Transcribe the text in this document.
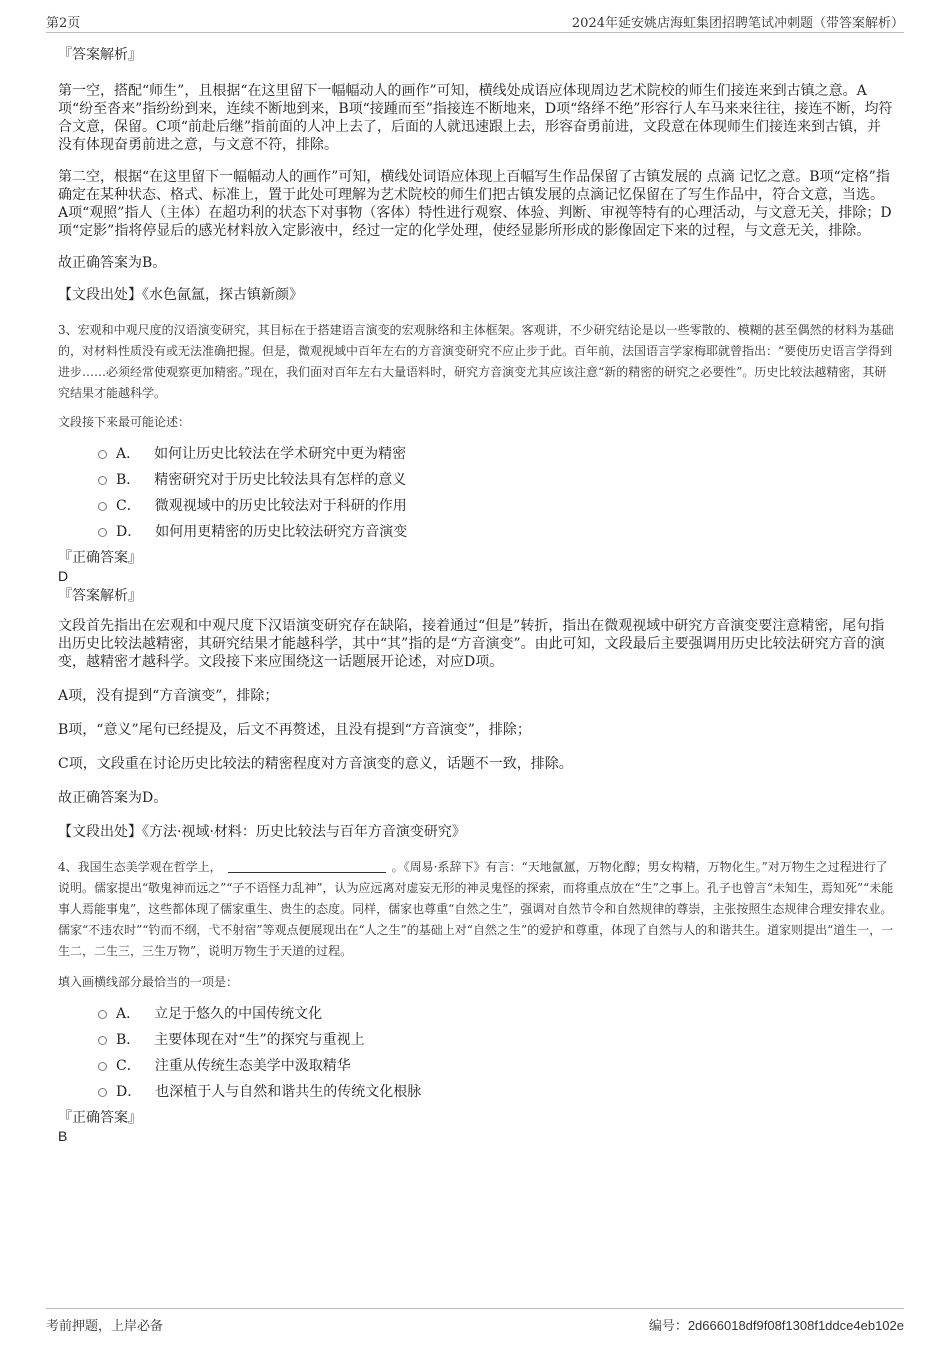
第2页	2024年延安姚店海虹集团招聘笔试冲刺题（带答案解析）

『答案解析』

第一空，搭配“师生”，且根据“在这里留下一幅幅动人的画作”可知，横线处成语应体现周边艺术院校的师生们接连来到古镇之意。A项“纷至沓来”指纷纷到来，连续不断地到来，B项“接踵而至”指接连不断地来，D项“络绎不绝”形容行人车马来来往往，接连不断，均符合文意，保留。C项“前赴后继”指前面的人冲上去了，后面的人就迅速跟上去，形容奋勇前进，文段意在体现师生们接连来到古镇，并没有体现奋勇前进之意，与文意不符，排除。

第二空，根据“在这里留下一幅幅动人的画作”可知，横线处词语应体现上百幅写生作品保留了古镇发展的 点滴 记忆之意。B项“定格”指确定在某种状态、格式、标准上，置于此处可理解为艺术院校的师生们把古镇发展的点滴记忆保留在了写生作品中，符合文意，当选。A项“观照”指人（主体）在超功利的状态下对事物（客体）特性进行观察、体验、判断、审视等特有的心理活动，与文意无关，排除；D项“定影”指将停显后的感光材料放入定影液中，经过一定的化学处理，使经显影所形成的影像固定下来的过程，与文意无关，排除。

故正确答案为B。

【文段出处】《水色氤氲，探古镇新颜》

3、宏观和中观尺度的汉语演变研究，其目标在于搭建语言演变的宏观脉络和主体框架。客观讲，不少研究结论是以一些零散的、模糊的甚至偶然的材料为基础的，对材料性质没有或无法准确把握。但是，微观视域中百年左右的方音演变研究不应止步于此。百年前，法国语言学家梅耶就曾指出：“要使历史语言学得到进步……必须经常使观察更加精密。”现在，我们面对百年左右大量语料时，研究方音演变尤其应该注意“新的精密的研究之必要性”。历史比较法越精密，其研究结果才能越科学。

文段接下来最可能论述：

A． 如何让历史比较法在学术研究中更为精密
B． 精密研究对于历史比较法具有怎样的意义
C． 微观视域中的历史比较法对于科研的作用
D． 如何用更精密的历史比较法研究方音演变

『正确答案』

D

『答案解析』

文段首先指出在宏观和中观尺度下汉语演变研究存在缺陷，接着通过“但是”转折，指出在微观视域中研究方音演变要注意精密，尾句指出历史比较法越精密，其研究结果才能越科学，其中“其”指的是“方音演变”。由此可知，文段最后主要强调用历史比较法研究方音的演变，越精密才越科学。文段接下来应围绕这一话题展开论述，对应D项。

A项，没有提到“方音演变”，排除；

B项，“意义”尾句已经提及，后文不再赘述，且没有提到“方音演变”，排除；

C项，文段重在讨论历史比较法的精密程度对方音演变的意义，话题不一致，排除。

故正确答案为D。

【文段出处】《方法·视域·材料：历史比较法与百年方音演变研究》

4、我国生态美学观在哲学上，	。《周易·系辞下》有言：“天地氤氲，万物化醇；男女构精，万物化生。”对万物生之过程进行了说明。儒家提出“敬鬼神而远之”“子不语怪力乱神”，认为应远离对虚妄无形的神灵鬼怪的探索，而将重点放在“生”之事上。孔子也曾言“未知生，焉知死”“未能事人焉能事鬼”，这些都体现了儒家重生、贵生的态度。同样，儒家也尊重“自然之生”，强调对自然节令和自然规律的尊崇，主张按照生态规律合理安排农业。儒家“不违农时”“钓而不纲，弋不射宿”等观点便展现出在“人之生”的基础上对“自然之生”的爱护和尊重，体现了自然与人的和谐共生。道家则提出“道生一，一生二，二生三，三生万物”，说明万物生于天道的过程。

填入画横线部分最恰当的一项是：

A． 立足于悠久的中国传统文化
B． 主要体现在对“生”的探究与重视上
C． 注重从传统生态美学中汲取精华
D． 也深植于人与自然和谐共生的传统文化根脉

『正确答案』

B

考前押题，上岸必备	编号：2d666018df9f08f1308f1ddce4eb102e
